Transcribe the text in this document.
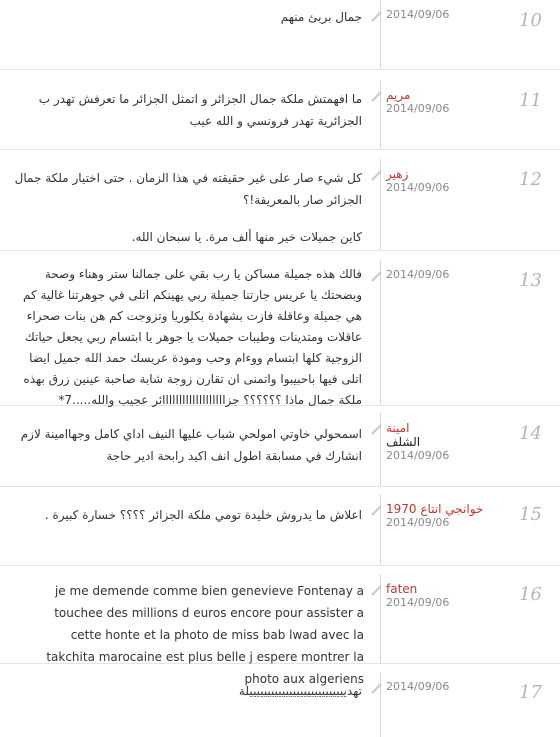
2014/09/06	10
جمال بريئ منهم
مريم
2014/09/06	11
ما افهمتش ملكة جمال الجزائر و اتمثل الجزائر ما تعرفش تهدر ب الجزائرية تهدر فرونسي و الله عيب
زهير
2014/09/06	12
كل شيء صار على غير حقيقته في هذا الزمان . حتى اختيار ملكة جمال الجزائر صار بالمعريفة!؟
كاين جميلات خير منها ألف مرة. يا سبحان الله.
2014/09/06	13
فالك هذه جميلة مساكن يا رب بقي على جمالنا ستر وهناء وصحة وبضحتك يا عريس جارتنا جميلة ربي يهينكم اتلى في جوهرتنا غالية كم هي جميلة وعاقلة فازت بشهادة بكلوريا وتزوجت كم هن بنات صحراء عاقلات ومتدينات وطيبات جميلات يا جوهر يا ابتسام ربي يجعل حياتك الزوجية كلها ابتسام ووءام وحب ومودة عريسك حمد الله جميل ايضا اتلى فيها باحبيبوا واتمنى ان تقارن زوجة شابة صاحبة عينين زرق بهذه ملكة جمال ماذا ؟؟؟؟؟؟ جزااااااااااااااااااائر عجيب والله.....7*
امينة
الشلف
2014/09/06
14
اسمحولي خاوتي امولحي شباب عليها النيف اداي كامل وجهاامينة لازم انشارك في مسابقة اطول انف اكيد رابحة ادير حاجة
خوانجي انتاع 1970
2014/09/06	15
اعلاش ما يدروش خليدة تومي ملكة الجزائر ؟؟؟؟ خسارة كبيرة .
faten
2014/09/06	16
je me demende comme bien genevieve Fontenay a touchee des millions d euros encore pour assister a cette honte et la photo de miss bab lwad avec la takchita marocaine est plus belle j espere montrer la photo aux algeriens
2014/09/06	17
تهديييييييييييييييييييييييييييلة
